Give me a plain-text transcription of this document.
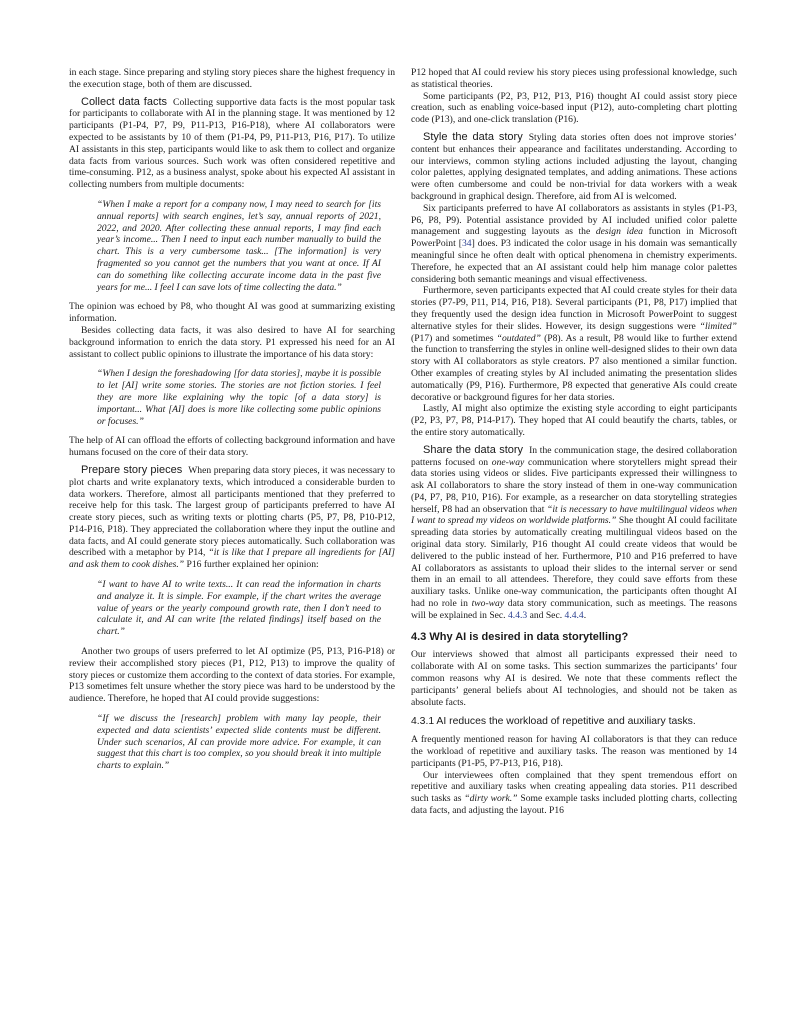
in each stage. Since preparing and styling story pieces share the highest frequency in the execution stage, both of them are discussed.

Collect data facts Collecting supportive data facts is the most popular task for participants to collaborate with AI in the planning stage. It was mentioned by 12 participants (P1-P4, P7, P9, P11-P13, P16-P18), where AI collaborators were expected to be assistants by 10 of them (P1-P4, P9, P11-P13, P16, P17). To utilize AI assistants in this step, participants would like to ask them to collect and organize data facts from various sources. Such work was often considered repetitive and time-consuming. P12, as a business analyst, spoke about his expected AI assistant in collecting numbers from multiple documents:

“When I make a report for a company now, I may need to search for [its annual reports] with search engines, let’s say, annual reports of 2021, 2022, and 2020. After collecting these annual reports, I may find each year’s income... Then I need to input each number manually to build the chart. This is a very cumbersome task... [The information] is very fragmented so you cannot get the numbers that you want at once. If AI can do something like collecting accurate income data in the past five years for me... I feel I can save lots of time collecting the data.”

The opinion was echoed by P8, who thought AI was good at summarizing existing information.

Besides collecting data facts, it was also desired to have AI for searching background information to enrich the data story. P1 expressed his need for an AI assistant to collect public opinions to illustrate the importance of his data story:

“When I design the foreshadowing [for data stories], maybe it is possible to let [AI] write some stories. The stories are not fiction stories. I feel they are more like explaining why the topic [of a data story] is important... What [AI] does is more like collecting some public opinions or focuses.”

The help of AI can offload the efforts of collecting background information and have humans focused on the core of their data story.

Prepare story pieces When preparing data story pieces, it was necessary to plot charts and write explanatory texts, which introduced a considerable burden to data workers. Therefore, almost all participants mentioned that they preferred to receive help for this task. The largest group of participants preferred to have AI create story pieces, such as writing texts or plotting charts (P5, P7, P8, P10-P12, P14-P16, P18). They appreciated the collaboration where they input the outline and data facts, and AI could generate story pieces automatically. Such collaboration was described with a metaphor by P14, “it is like that I prepare all ingredients for [AI] and ask them to cook dishes.” P16 further explained her opinion:

“I want to have AI to write texts... It can read the information in charts and analyze it. It is simple. For example, if the chart writes the average value of years or the yearly compound growth rate, then I don’t need to calculate it, and AI can write [the related findings] itself based on the chart.”

Another two groups of users preferred to let AI optimize (P5, P13, P16-P18) or review their accomplished story pieces (P1, P12, P13) to improve the quality of story pieces or customize them according to the context of data stories. For example, P13 sometimes felt unsure whether the story piece was hard to be understood by the audience. Therefore, he hoped that AI could provide suggestions:

“If we discuss the [research] problem with many lay people, their expected and data scientists’ expected slide contents must be different. Under such scenarios, AI can provide more advice. For example, it can suggest that this chart is too complex, so you should break it into multiple charts to explain.”

P12 hoped that AI could review his story pieces using professional knowledge, such as statistical theories.

Some participants (P2, P3, P12, P13, P16) thought AI could assist story piece creation, such as enabling voice-based input (P12), auto-completing chart plotting code (P13), and one-click translation (P16).

Style the data story Styling data stories often does not improve stories’ content but enhances their appearance and facilitates understanding. According to our interviews, common styling actions included adjusting the layout, changing color palettes, applying designated templates, and adding animations. These actions were often cumbersome and could be non-trivial for data workers with a weak background in graphical design. Therefore, aid from AI is welcomed.

Six participants preferred to have AI collaborators as assistants in styles (P1-P3, P6, P8, P9). Potential assistance provided by AI included unified color palette management and suggesting layouts as the design idea function in Microsoft PowerPoint [34] does. P3 indicated the color usage in his domain was semantically meaningful since he often dealt with optical phenomena in chemistry experiments. Therefore, he expected that an AI assistant could help him manage color palettes considering both semantic meanings and visual effectiveness.

Furthermore, seven participants expected that AI could create styles for their data stories (P7-P9, P11, P14, P16, P18). Several participants (P1, P8, P17) implied that they frequently used the design idea function in Microsoft PowerPoint to suggest alternative styles for their slides. However, its design suggestions were “limited” (P17) and sometimes “outdated” (P8). As a result, P8 would like to further extend the function to transferring the styles in online well-designed slides to their own data story with AI collaborators as style creators. P7 also mentioned a similar function. Other examples of creating styles by AI included animating the presentation slides automatically (P9, P16). Furthermore, P8 expected that generative AIs could create decorative or background figures for her data stories.

Lastly, AI might also optimize the existing style according to eight participants (P2, P3, P7, P8, P14-P17). They hoped that AI could beautify the charts, tables, or the entire story automatically.

Share the data story In the communication stage, the desired collaboration patterns focused on one-way communication where storytellers might spread their data stories using videos or slides. Five participants expressed their willingness to ask AI collaborators to share the story instead of them in one-way communication (P4, P7, P8, P10, P16). For example, as a researcher on data storytelling strategies herself, P8 had an observation that “it is necessary to have multilingual videos when I want to spread my videos on worldwide platforms.” She thought AI could facilitate spreading data stories by automatically creating multilingual videos based on the original data story. Similarly, P16 thought AI could create videos that would be delivered to the public instead of her. Furthermore, P10 and P16 preferred to have AI collaborators as assistants to upload their slides to the internal server or send them in an email to all attendees. Therefore, they could save efforts from these auxiliary tasks. Unlike one-way communication, the participants often thought AI had no role in two-way data story communication, such as meetings. The reasons will be explained in Sec. 4.4.3 and Sec. 4.4.4.

4.3 Why AI is desired in data storytelling?

Our interviews showed that almost all participants expressed their need to collaborate with AI on some tasks. This section summarizes the participants’ four common reasons why AI is desired. We note that these comments reflect the participants’ general beliefs about AI technologies, and should not be taken as absolute facts.

4.3.1 AI reduces the workload of repetitive and auxiliary tasks.

A frequently mentioned reason for having AI collaborators is that they can reduce the workload of repetitive and auxiliary tasks. The reason was mentioned by 14 participants (P1-P5, P7-P13, P16, P18).

Our interviewees often complained that they spent tremendous effort on repetitive and auxiliary tasks when creating appealing data stories. P11 described such tasks as “dirty work.” Some example tasks included plotting charts, collecting data facts, and adjusting the layout. P16
